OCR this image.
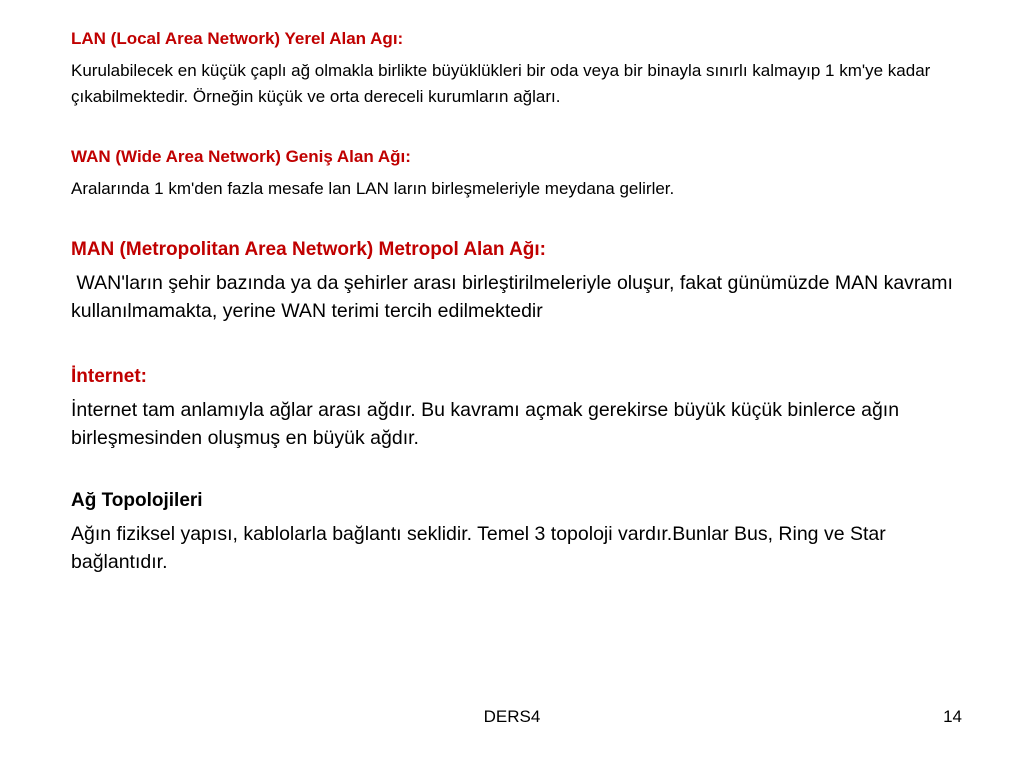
LAN (Local Area Network) Yerel Alan Agı:
Kurulabilecek en küçük çaplı ağ olmakla birlikte büyüklükleri bir oda veya bir binayla sınırlı kalmayıp 1 km'ye kadar çıkabilmektedir. Örneğin küçük ve orta dereceli kurumların ağları.
WAN (Wide Area Network) Geniş Alan Ağı:
Aralarında 1 km'den fazla mesafe lan LAN ların birleşmeleriyle meydana gelirler.
MAN (Metropolitan Area Network) Metropol Alan Ağı:
WAN'ların şehir bazında ya da şehirler arası birleştirilmeleriyle oluşur, fakat günümüzde MAN kavramı kullanılmamakta, yerine WAN terimi tercih edilmektedir
İnternet:
İnternet tam anlamıyla ağlar arası ağdır. Bu kavramı açmak gerekirse büyük küçük binlerce ağın birleşmesinden oluşmuş en büyük ağdır.
Ağ Topolojileri
Ağın fiziksel yapısı, kablolarla bağlantı seklidir. Temel 3 topoloji vardır.Bunlar Bus, Ring ve Star bağlantıdır.
DERS4	14
